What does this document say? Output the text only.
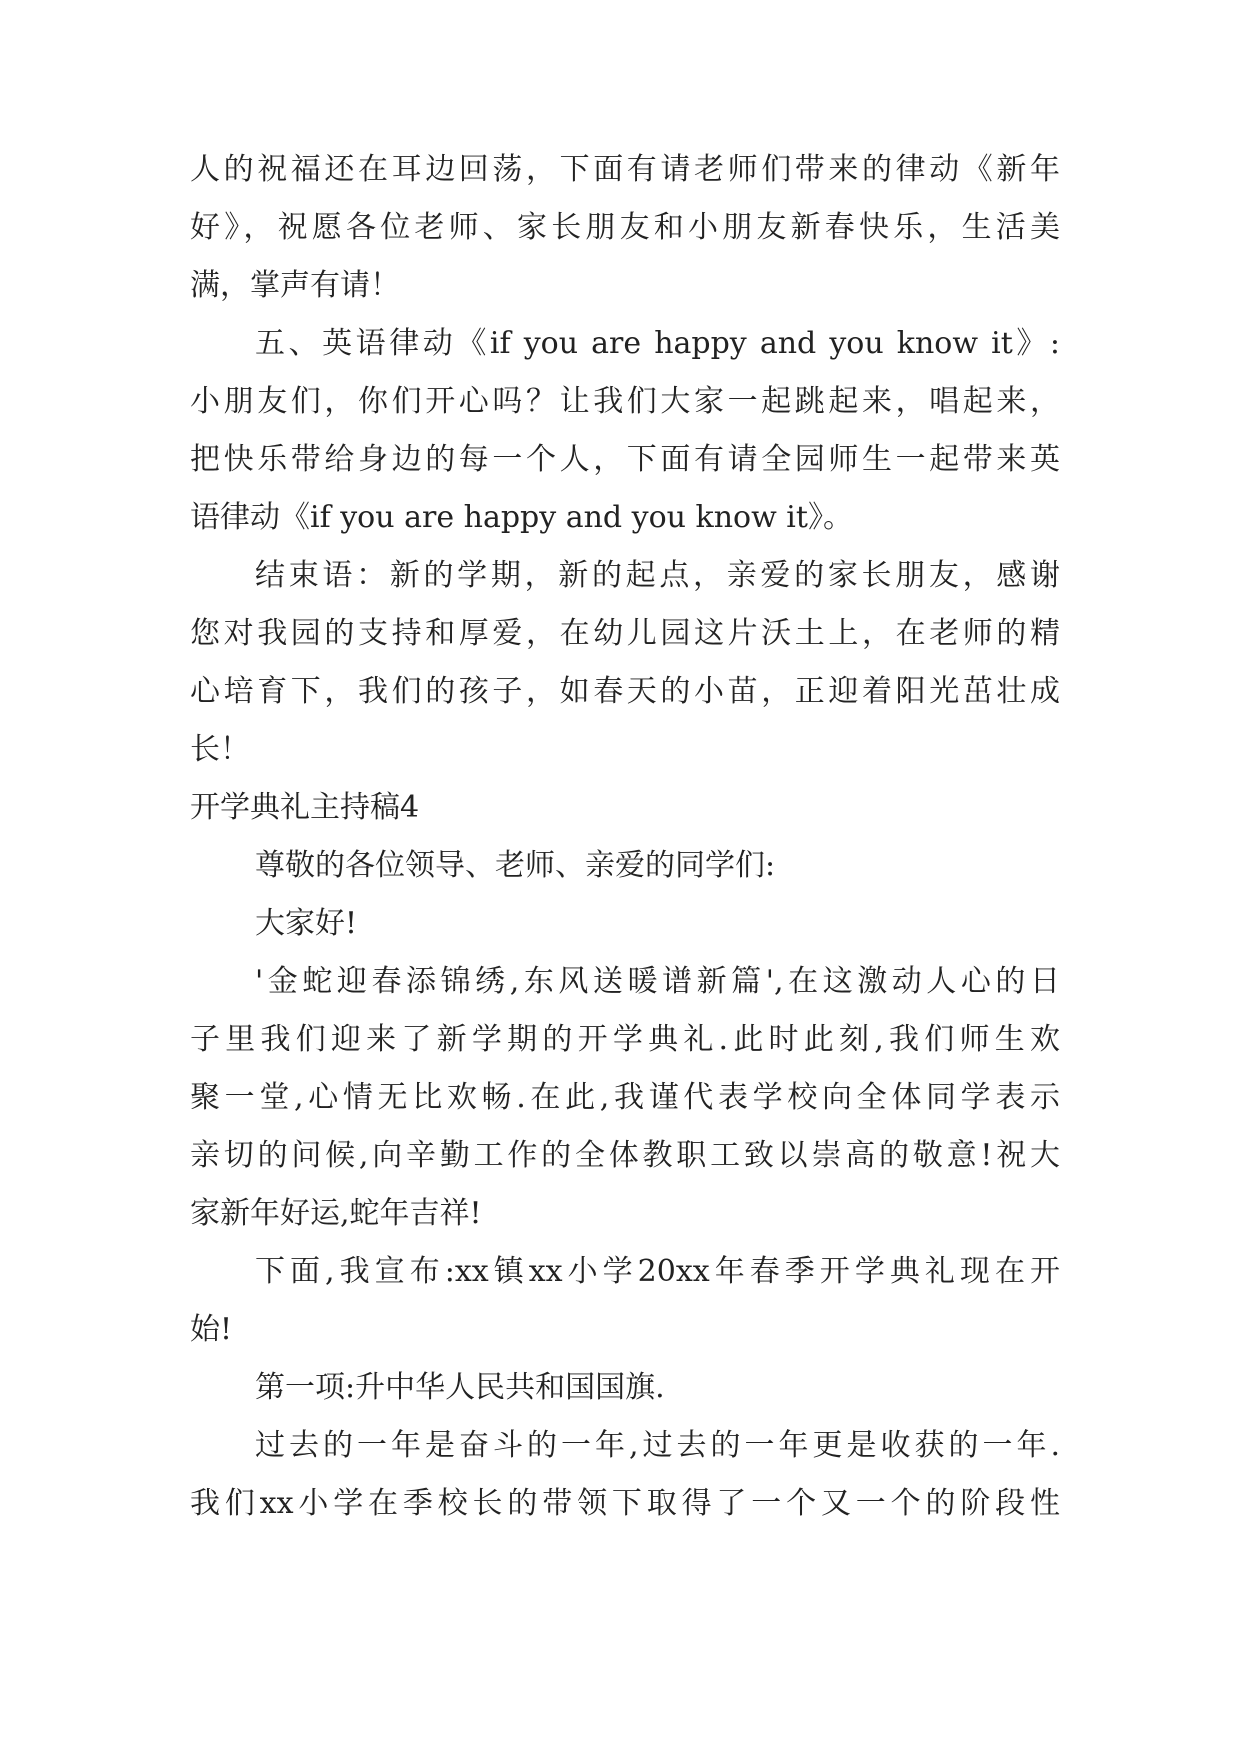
人的祝福还在耳边回荡，下面有请老师们带来的律动《新年
好》，祝愿各位老师、家长朋友和小朋友新春快乐，生活美
满，掌声有请！
五、英语律动《if you are happy and you know it》:
小朋友们，你们开心吗？让我们大家一起跳起来，唱起来，
把快乐带给身边的每一个人，下面有请全园师生一起带来英
语律动《if you are happy and you know it》。
结束语：新的学期，新的起点，亲爱的家长朋友，感谢
您对我园的支持和厚爱，在幼儿园这片沃土上，在老师的精
心培育下，我们的孩子，如春天的小苗，正迎着阳光茁壮成
长！
开学典礼主持稿4
尊敬的各位领导、老师、亲爱的同学们:
大家好!
'金蛇迎春添锦绣,东风送暖谱新篇',在这激动人心的日
子里我们迎来了新学期的开学典礼.此时此刻,我们师生欢
聚一堂,心情无比欢畅.在此,我谨代表学校向全体同学表示
亲切的问候,向辛勤工作的全体教职工致以崇高的敬意!祝大
家新年好运,蛇年吉祥!
下面,我宣布:xx镇xx小学20xx年春季开学典礼现在开
始!
第一项:升中华人民共和国国旗.
过去的一年是奋斗的一年,过去的一年更是收获的一年.
我们xx小学在季校长的带领下取得了一个又一个的阶段性
